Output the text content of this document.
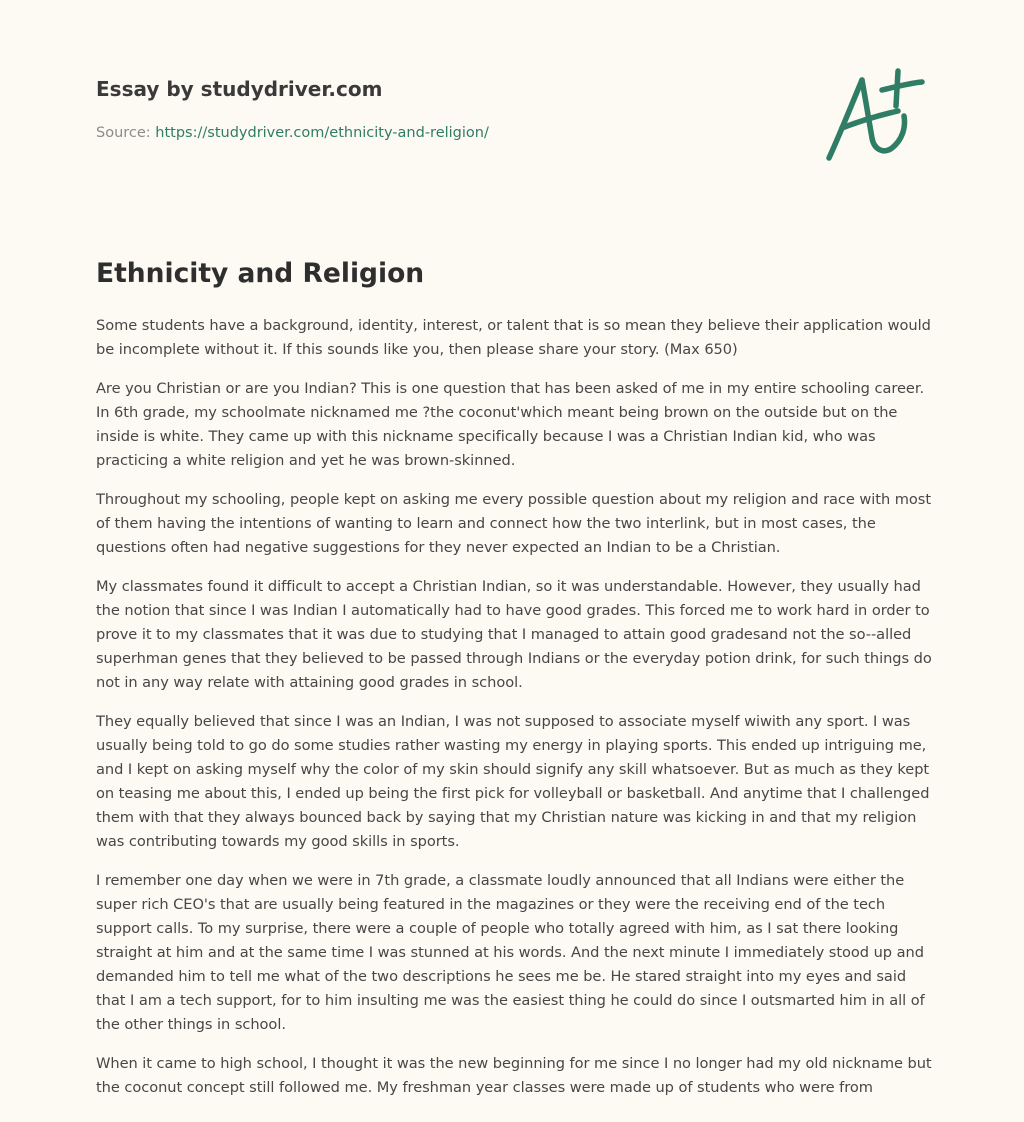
Essay by studydriver.com
Source: https://studydriver.com/ethnicity-and-religion/
Ethnicity and Religion

Some students have a background, identity, interest, or talent that is so mean they believe their application would be incomplete without it. If this sounds like you, then please share your story. (Max 650)

Are you Christian or are you Indian? This is one question that has been asked of me in my entire schooling career. In 6th grade, my schoolmate nicknamed me ?the coconut'which meant being brown on the outside but on the inside is white. They came up with this nickname specifically because I was a Christian Indian kid, who was practicing a white religion and yet he was brown-skinned.

Throughout my schooling, people kept on asking me every possible question about my religion and race with most of them having the intentions of wanting to learn and connect how the two interlink, but in most cases, the questions often had negative suggestions for they never expected an Indian to be a Christian.

My classmates found it difficult to accept a Christian Indian, so it was understandable. However, they usually had the notion that since I was Indian I automatically had to have good grades. This forced me to work hard in order to prove it to my classmates that it was due to studying that I managed to attain good gradesand not the so--alled superhman genes that they believed to be passed through Indians or the everyday potion drink, for such things do not in any way relate with attaining good grades in school.

They equally believed that since I was an Indian, I was not supposed to associate myself wiwith any sport. I was usually being told to go do some studies rather wasting my energy in playing sports. This ended up intriguing me, and I kept on asking myself why the color of my skin should signify any skill whatsoever. But as much as they kept on teasing me about this, I ended up being the first pick for volleyball or basketball. And anytime that I challenged them with that they always bounced back by saying that my Christian nature was kicking in and that my religion was contributing towards my good skills in sports.

I remember one day when we were in 7th grade, a classmate loudly announced that all Indians were either the super rich CEO's that are usually being featured in the magazines or they were the receiving end of the tech support calls. To my surprise, there were a couple of people who totally agreed with him, as I sat there looking straight at him and at the same time I was stunned at his words. And the next minute I immediately stood up and demanded him to tell me what of the two descriptions he sees me be. He stared straight into my eyes and said that I am a tech support, for to him insulting me was the easiest thing he could do since I outsmarted him in all of the other things in school.

When it came to high school, I thought it was the new beginning for me since I no longer had my old nickname but the coconut concept still followed me. My freshman year classes were made up of students who were from
